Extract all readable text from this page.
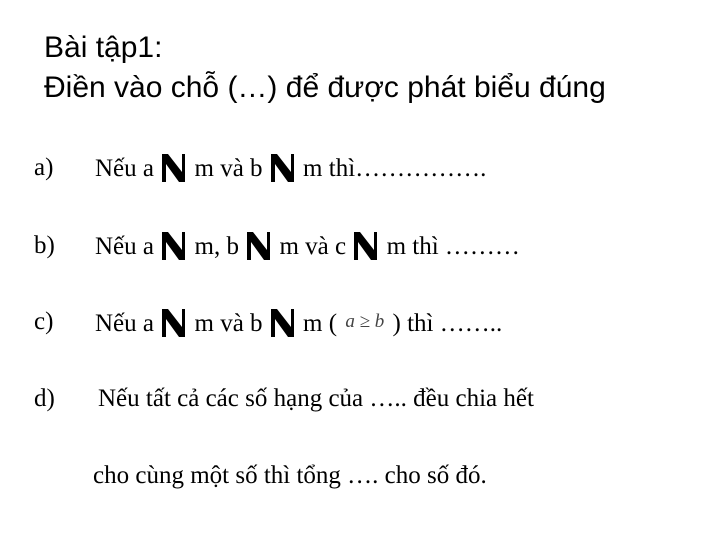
Bài tập1:
Điền vào chỗ (…) để được phát biểu đúng
a) Nếu a m và b m thì…………….
b) Nếu a m, b m và c m thì ………
c) Nếu a m và b m ( a ≥ b ) thì ……..
d) Nếu tất cả các số hạng của ….. đều chia hết
cho cùng một số thì tổng …. cho số đó.
